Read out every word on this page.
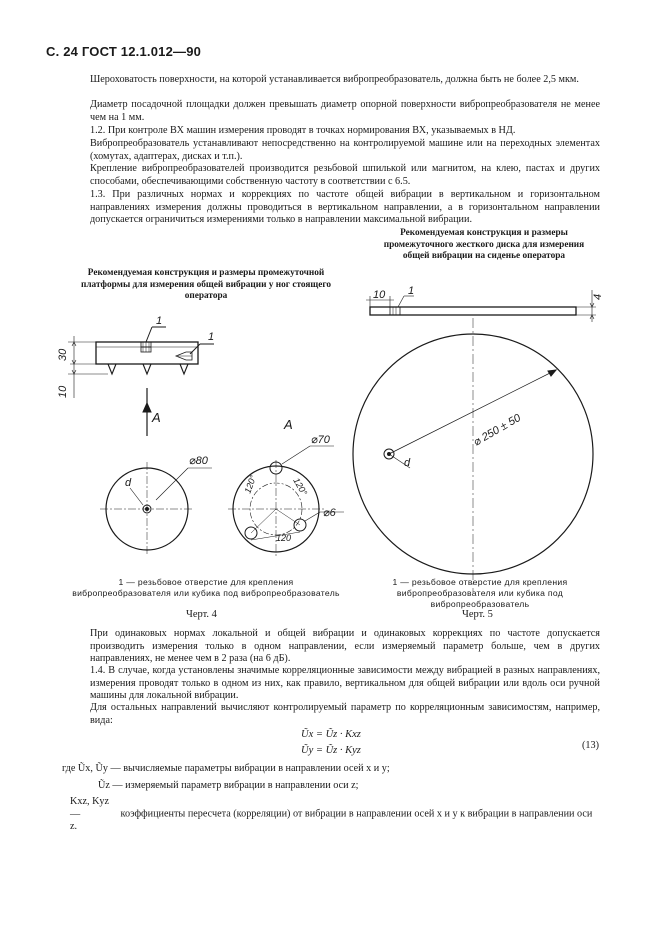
С. 24 ГОСТ 12.1.012—90
Шероховатость поверхности, на которой устанавливается вибропреобразователь, должна быть не более 2,5 мкм.
Диаметр посадочной площадки должен превышать диаметр опорной поверхности вибропреобразователя не менее чем на 1 мм.
1.2. При контроле ВХ машин измерения проводят в точках нормирования ВХ, указываемых в НД.
Вибропреобразователь устанавливают непосредственно на контролируемой машине или на переходных элементах (хомутах, адаптерах, дисках и т.п.).
Крепление вибропреобразователей производится резьбовой шпилькой или магнитом, на клею, пастах и других способами, обеспечивающими собственную частоту в соответствии с 6.5.
1.3. При различных нормах и коррекциях по частоте общей вибрации в вертикальном и горизонтальном направлениях измерения должны проводиться в вертикальном направлении, а в горизонтальном направлении допускается ограничиться измерениями только в направлении максимальной вибрации.
Рекомендуемая конструкция и размеры промежуточного жесткого диска для измерения общей вибрации на сиденье оператора
Рекомендуемая конструкция и размеры промежуточной платформы для измерения общей вибрации у ног стоящего оператора
1
1
30
10
A	A
d
⌀80
⌀70
⌀6
120°	120°
120
10 1	4
⌀ 250 ± 50
d
1 — резьбовое отверстие для крепления вибропреобразователя или кубика под вибропреобразователь
1 — резьбовое отверстие для крепления вибропреобразователя или кубика под вибропреобразователь
Черт. 4	Черт. 5
При одинаковых нормах локальной и общей вибрации и одинаковых коррекциях по частоте допускается производить измерения только в одном направлении, если измеряемый параметр больше, чем в других направлениях, не менее чем в 2 раза (на 6 дБ).
1.4. В случае, когда установлены значимые корреляционные зависимости между вибрацией в разных направлениях, измерения проводят только в одном из них, как правило, вертикальном для общей вибрации или вдоль оси ручной машины для локальной вибрации.
Для остальных направлений вычисляют контролируемый параметр по корреляционным зависимостям, например, вида:
Ũx = Ũz · Kxz
Ũy = Ũz · Kyz	(13)
где Ũx, Ũy — вычисляемые параметры вибрации в направлении осей x и y;
Ũz — измеряемый параметр вибрации в направлении оси z;
Kxz, Kyz —	коэффициенты пересчета (корреляции) от вибрации в направлении осей x и y к вибрации в направлении оси z.
